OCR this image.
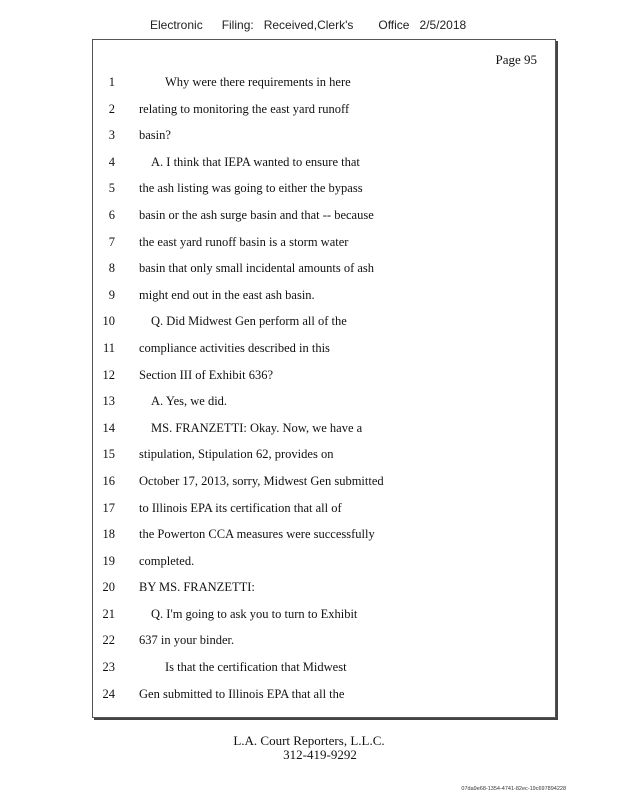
Electronic Filing: Received,Clerk's Office 2/5/2018
Page 95
1	Why were there requirements in here
2 relating to monitoring the east yard runoff
3 basin?
4	A. I think that IEPA wanted to ensure that
5 the ash listing was going to either the bypass
6 basin or the ash surge basin and that -- because
7 the east yard runoff basin is a storm water
8 basin that only small incidental amounts of ash
9 might end out in the east ash basin.
10	Q. Did Midwest Gen perform all of the
11 compliance activities described in this
12 Section III of Exhibit 636?
13	A. Yes, we did.
14	MS. FRANZETTI: Okay. Now, we have a
15 stipulation, Stipulation 62, provides on
16 October 17, 2013, sorry, Midwest Gen submitted
17 to Illinois EPA its certification that all of
18 the Powerton CCA measures were successfully
19 completed.
20 BY MS. FRANZETTI:
21	Q. I'm going to ask you to turn to Exhibit
22 637 in your binder.
23	Is that the certification that Midwest
24 Gen submitted to Illinois EPA that all the
L.A. Court Reporters, L.L.C.
312-419-9292
07da9e68-1354-4741-82ec-19c697894228
